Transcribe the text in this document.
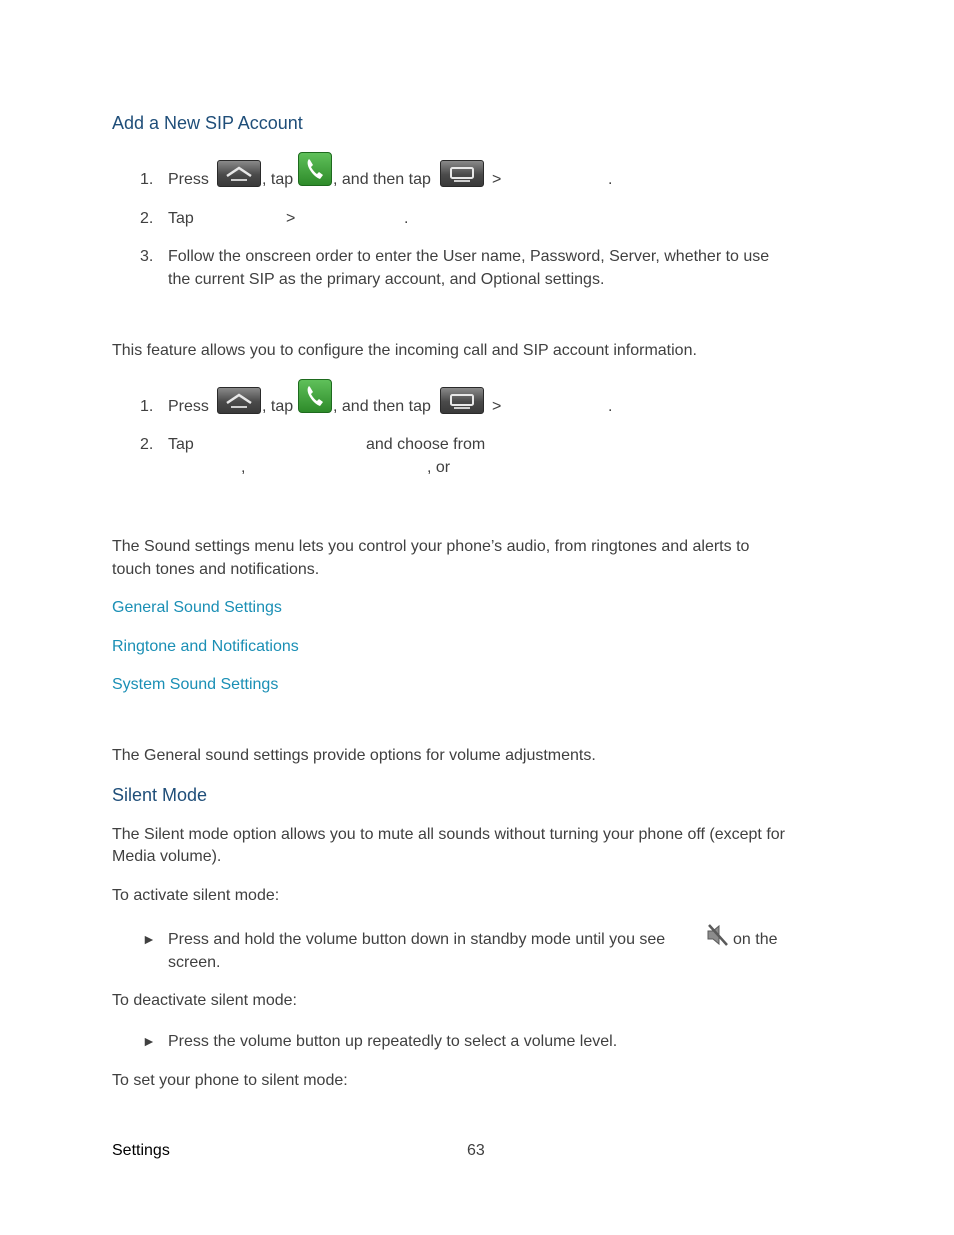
Add a New SIP Account
1. Press	, tap , and then tap	>	.
2. Tap	>	.
3. Follow the onscreen order to enter the User name, Password, Server, whether to use
the current SIP as the primary account, and Optional settings.
This feature allows you to configure the incoming call and SIP account information.
1. Press	, tap , and then tap	>	.
2. Tap	and choose from
,	, or
The Sound settings menu lets you control your phone’s audio, from ringtones and alerts to
touch tones and notifications.
General Sound Settings
Ringtone and Notifications
System Sound Settings
The General sound settings provide options for volume adjustments.
Silent Mode
The Silent mode option allows you to mute all sounds without turning your phone off (except for
Media volume).
To activate silent mode:
► Press and hold the volume button down in standby mode until you see	on the
screen.
To deactivate silent mode:
► Press the volume button up repeatedly to select a volume level.
To set your phone to silent mode:
Settings	63
